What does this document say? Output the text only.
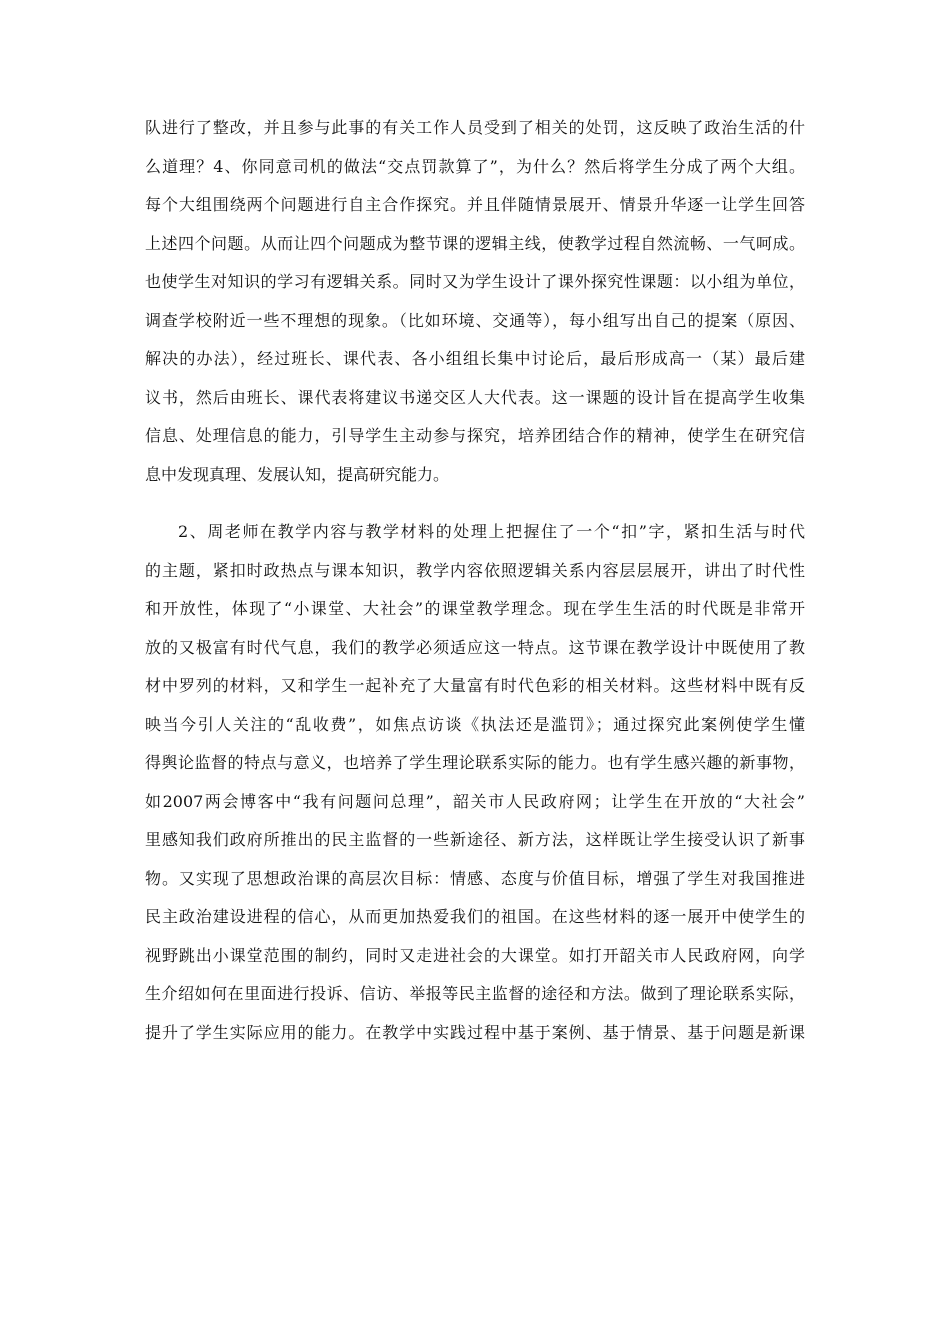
队进行了整改，并且参与此事的有关工作人员受到了相关的处罚，这反映了政治生活的什
么道理？4、你同意司机的做法“交点罚款算了”，为什么？然后将学生分成了两个大组。
每个大组围绕两个问题进行自主合作探究。并且伴随情景展开、情景升华逐一让学生回答
上述四个问题。从而让四个问题成为整节课的逻辑主线，使教学过程自然流畅、一气呵成。
也使学生对知识的学习有逻辑关系。同时又为学生设计了课外探究性课题：以小组为单位，
调查学校附近一些不理想的现象。（比如环境、交通等），每小组写出自己的提案（原因、
解决的办法），经过班长、课代表、各小组组长集中讨论后，最后形成高一（某）最后建
议书，然后由班长、课代表将建议书递交区人大代表。这一课题的设计旨在提高学生收集
信息、处理信息的能力，引导学生主动参与探究，培养团结合作的精神，使学生在研究信
息中发现真理、发展认知，提高研究能力。
2、周老师在教学内容与教学材料的处理上把握住了一个“扣”字，紧扣生活与时代
的主题，紧扣时政热点与课本知识，教学内容依照逻辑关系内容层层展开，讲出了时代性
和开放性，体现了“小课堂、大社会”的课堂教学理念。现在学生生活的时代既是非常开
放的又极富有时代气息，我们的教学必须适应这一特点。这节课在教学设计中既使用了教
材中罗列的材料，又和学生一起补充了大量富有时代色彩的相关材料。这些材料中既有反
映当今引人关注的“乱收费”，如焦点访谈《执法还是滥罚》；通过探究此案例使学生懂
得舆论监督的特点与意义，也培养了学生理论联系实际的能力。也有学生感兴趣的新事物，
如2007两会博客中“我有问题问总理”，韶关市人民政府网；让学生在开放的“大社会”
里感知我们政府所推出的民主监督的一些新途径、新方法，这样既让学生接受认识了新事
物。又实现了思想政治课的高层次目标：情感、态度与价值目标，增强了学生对我国推进
民主政治建设进程的信心，从而更加热爱我们的祖国。在这些材料的逐一展开中使学生的
视野跳出小课堂范围的制约，同时又走进社会的大课堂。如打开韶关市人民政府网，向学
生介绍如何在里面进行投诉、信访、举报等民主监督的途径和方法。做到了理论联系实际，
提升了学生实际应用的能力。在教学中实践过程中基于案例、基于情景、基于问题是新课
